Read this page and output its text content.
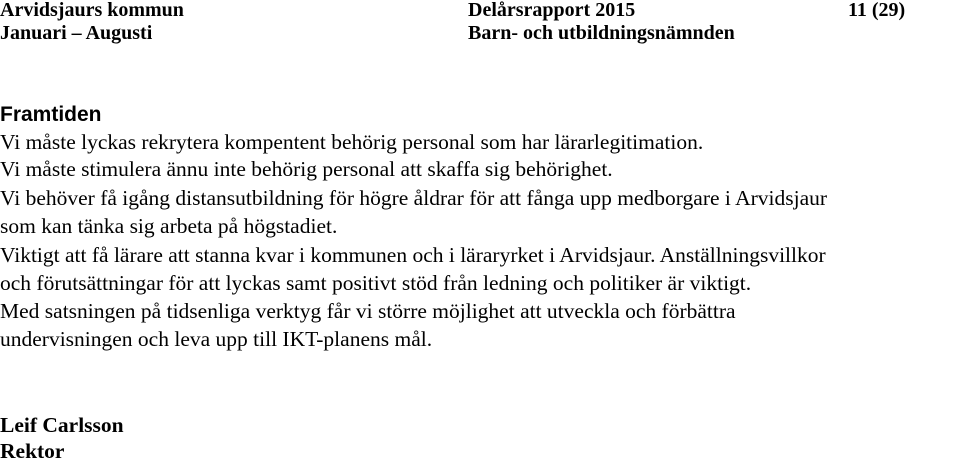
Arvidsjaurs kommun
Januari – Augusti
Delårsrapport 2015
Barn- och utbildningsnämnden
11 (29)
Framtiden
Vi måste lyckas rekrytera kompentent behörig personal som har lärarlegitimation.
Vi måste stimulera ännu inte behörig personal att skaffa sig behörighet.
Vi behöver få igång distansutbildning för högre åldrar för att fånga upp medborgare i Arvidsjaur
som kan tänka sig arbeta på högstadiet.
Viktigt att få lärare att stanna kvar i kommunen och i läraryrket i Arvidsjaur. Anställningsvillkor
och förutsättningar för att lyckas samt positivt stöd från ledning och politiker är viktigt.
Med satsningen på tidsenliga verktyg får vi större möjlighet att utveckla och förbättra
undervisningen och leva upp till IKT-planens mål.
Leif Carlsson
Rektor
